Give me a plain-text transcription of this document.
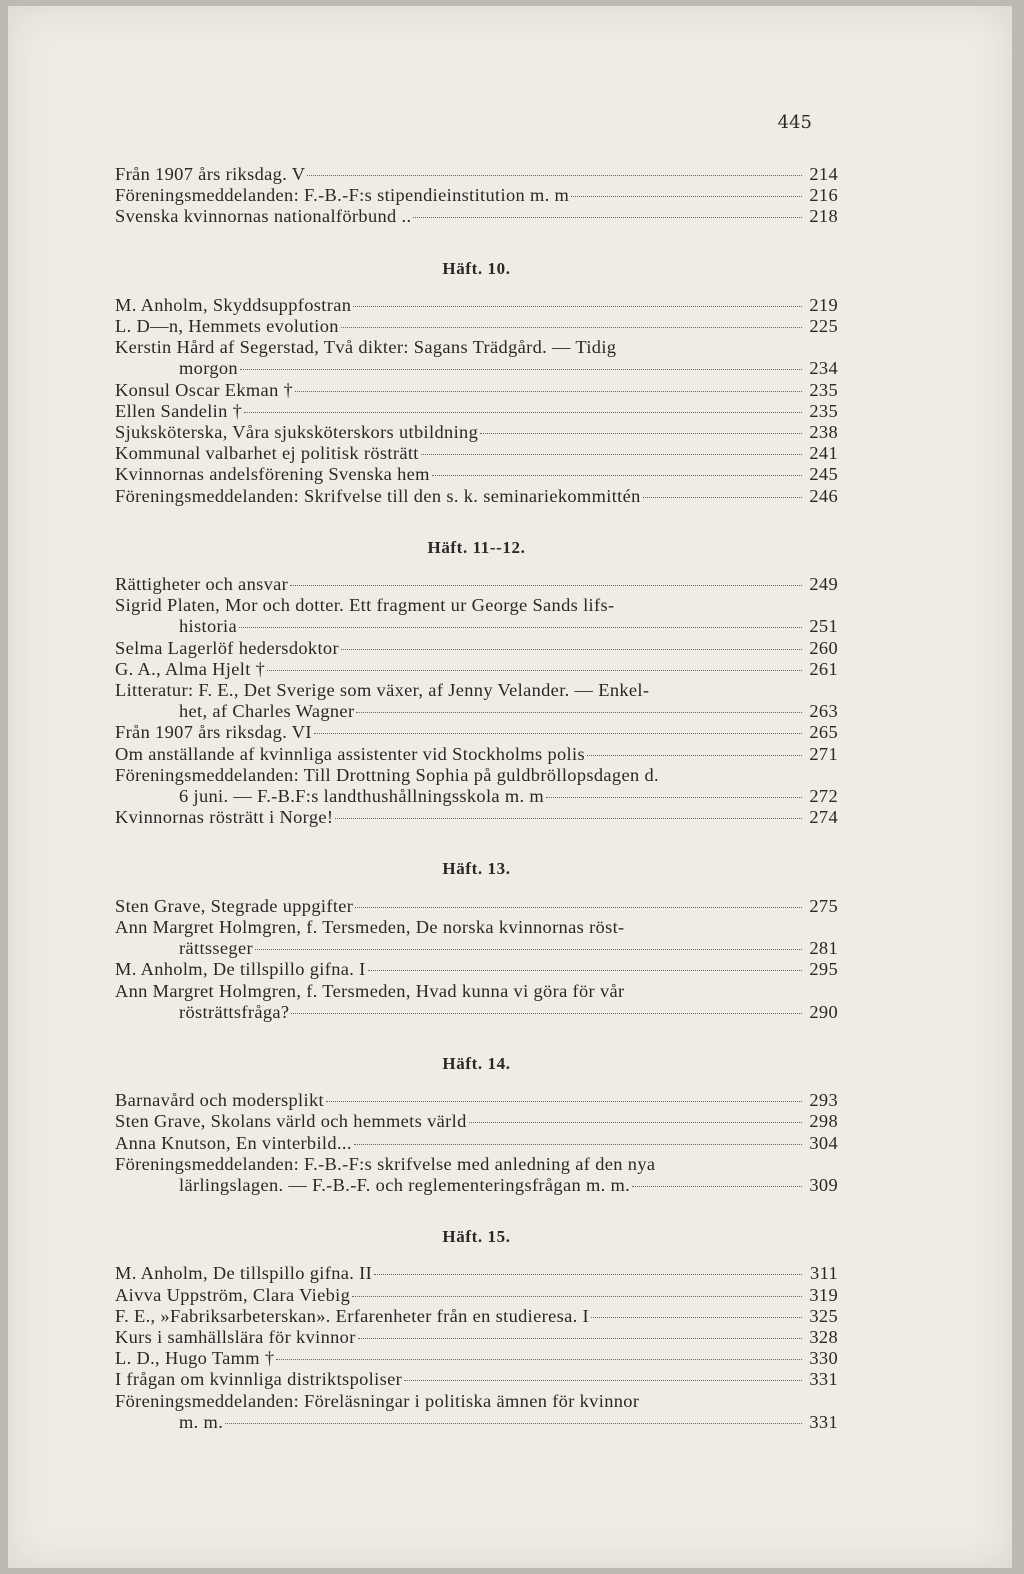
445
Från 1907 års riksdag. V	214
Föreningsmeddelanden: F.-B.-F:s stipendieinstitution m. m	216
Svenska kvinnornas nationalförbund ..	218
Häft. 10.
M. Anholm, Skyddsuppfostran	219
L. D—n, Hemmets evolution	225
Kerstin Hård af Segerstad, Två dikter: Sagans Trädgård. — Tidig
morgon	234
Konsul Oscar Ekman †	235
Ellen Sandelin †	235
Sjuksköterska, Våra sjuksköterskors utbildning	238
Kommunal valbarhet ej politisk rösträtt	241
Kvinnornas andelsförening Svenska hem	245
Föreningsmeddelanden: Skrifvelse till den s. k. seminariekommittén	246
Häft. 11--12.
Rättigheter och ansvar	249
Sigrid Platen, Mor och dotter. Ett fragment ur George Sands lifs-
historia	251
Selma Lagerlöf hedersdoktor	260
G. A., Alma Hjelt †	261
Litteratur: F. E., Det Sverige som växer, af Jenny Velander. — Enkel-
het, af Charles Wagner	263
Från 1907 års riksdag. VI	265
Om anställande af kvinnliga assistenter vid Stockholms polis	271
Föreningsmeddelanden: Till Drottning Sophia på guldbröllopsdagen d.
6 juni. — F.-B.F:s landthushållningsskola m. m	272
Kvinnornas rösträtt i Norge!	274
Häft. 13.
Sten Grave, Stegrade uppgifter	275
Ann Margret Holmgren, f. Tersmeden, De norska kvinnornas röst-
rättsseger	281
M. Anholm, De tillspillo gifna. I	295
Ann Margret Holmgren, f. Tersmeden, Hvad kunna vi göra för vår
rösträttsfråga?	290
Häft. 14.
Barnavård och modersplikt	293
Sten Grave, Skolans värld och hemmets värld	298
Anna Knutson, En vinterbild...	304
Föreningsmeddelanden: F.-B.-F:s skrifvelse med anledning af den nya
lärlingslagen. — F.-B.-F. och reglementeringsfrågan m. m.	309
Häft. 15.
M. Anholm, De tillspillo gifna. II	311
Aivva Uppström, Clara Viebig	319
F. E., »Fabriksarbeterskan». Erfarenheter från en studieresa. I	325
Kurs i samhällslära för kvinnor	328
L. D., Hugo Tamm †	330
I frågan om kvinnliga distriktspoliser	331
Föreningsmeddelanden: Föreläsningar i politiska ämnen för kvinnor
m. m.	331
